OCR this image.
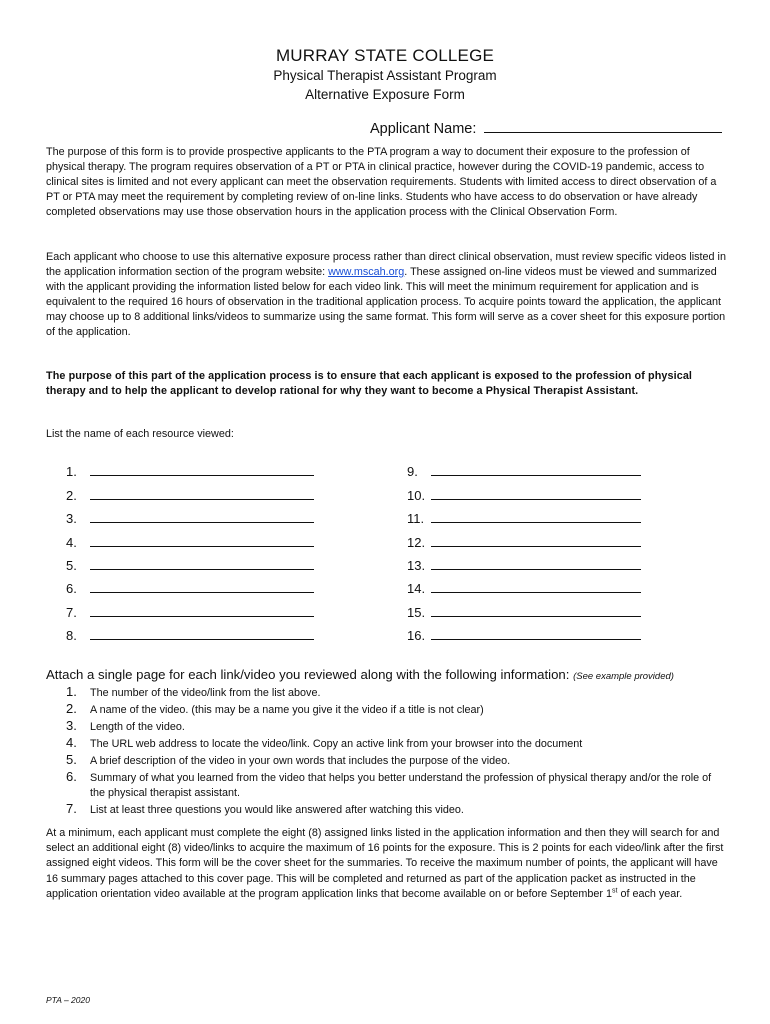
MURRAY STATE COLLEGE
Physical Therapist Assistant Program
Alternative Exposure Form
Applicant Name:

The purpose of this form is to provide prospective applicants to the PTA program a way to document their exposure to the profession of physical therapy. The program requires observation of a PT or PTA in clinical practice, however during the COVID-19 pandemic, access to clinical sites is limited and not every applicant can meet the observation requirements. Students with limited access to direct observation of a PT or PTA may meet the requirement by completing review of on-line links. Students who have access to do observation or have already completed observations may use those observation hours in the application process with the Clinical Observation Form.

Each applicant who choose to use this alternative exposure process rather than direct clinical observation, must review specific videos listed in the application information section of the program website: www.mscah.org. These assigned on-line videos must be viewed and summarized with the applicant providing the information listed below for each video link. This will meet the minimum requirement for application and is equivalent to the required 16 hours of observation in the traditional application process. To acquire points toward the application, the applicant may choose up to 8 additional links/videos to summarize using the same format. This form will serve as a cover sheet for this exposure portion of the application.

The purpose of this part of the application process is to ensure that each applicant is exposed to the profession of physical therapy and to help the applicant to develop rational for why they want to become a Physical Therapist Assistant.

List the name of each resource viewed:
1.
2.
3.
4.
5.
6.
7.
8.
9.
10.
11.
12.
13.
14.
15.
16.
Attach a single page for each link/video you reviewed along with the following information: (See example provided)
1.	The number of the video/link from the list above.
2.	A name of the video. (this may be a name you give it the video if a title is not clear)
3.	Length of the video.
4.	The URL web address to locate the video/link. Copy an active link from your browser into the document
5.	A brief description of the video in your own words that includes the purpose of the video.
6.	Summary of what you learned from the video that helps you better understand the profession of physical therapy and/or the role of the physical therapist assistant.
7.	List at least three questions you would like answered after watching this video.

At a minimum, each applicant must complete the eight (8) assigned links listed in the application information and then they will search for and select an additional eight (8) video/links to acquire the maximum of 16 points for the exposure. This is 2 points for each video/link after the first assigned eight videos. This form will be the cover sheet for the summaries. To receive the maximum number of points, the applicant will have 16 summary pages attached to this cover page. This will be completed and returned as part of the application packet as instructed in the application orientation video available at the program application links that become available on or before September 1st of each year.

PTA – 2020
